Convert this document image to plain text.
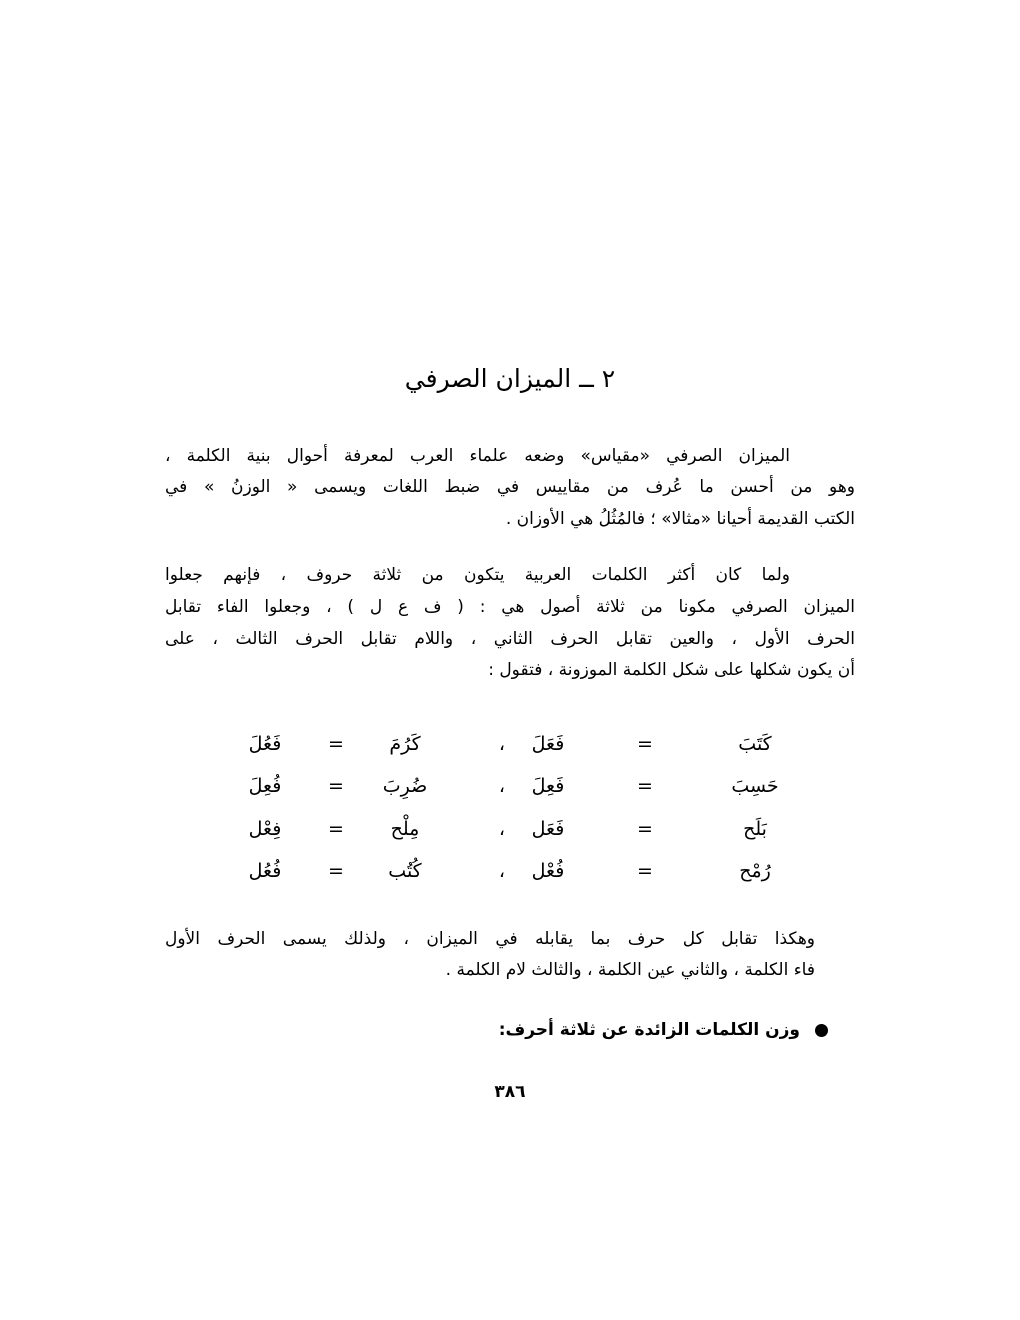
٢ ــ الميزان الصرفي
الميزان الصرفي «مقياس» وضعه علماء العرب لمعرفة أحوال بنية الكلمة ،
وهو من أحسن ما عُرف من مقاييس في ضبط اللغات ويسمى « الوزنُ » في
الكتب القديمة أحيانا «مثالا» ؛ فالمُثُلُ هي الأوزان .
ولما كان أكثر الكلمات العربية يتكون من ثلاثة حروف ، فإنهم جعلوا
الميزان الصرفي مكونا من ثلاثة أصول هي : ( ف ع ل ) ، وجعلوا الفاء تقابل
الحرف الأول ، والعين تقابل الحرف الثاني ، واللام تقابل الحرف الثالث ، على
أن يكون شكلها على شكل الكلمة الموزونة ، فتقول :
كَتَبَ
=
فَعَلَ
،
كَرُمَ
=
فَعُلَ
حَسِبَ
=
فَعِلَ
،
ضُرِبَ
=
فُعِلَ
بَلَح
=
فَعَل
،
مِلْح
=
فِعْل
رُمْح
=
فُعْل
،
كُتُب
=
فُعُل
وهكذا تقابل كل حرف بما يقابله في الميزان ، ولذلك يسمى الحرف الأول
فاء الكلمة ، والثاني عين الكلمة ، والثالث لام الكلمة .
وزن الكلمات الزائدة عن ثلاثة أحرف:
٣٨٦
